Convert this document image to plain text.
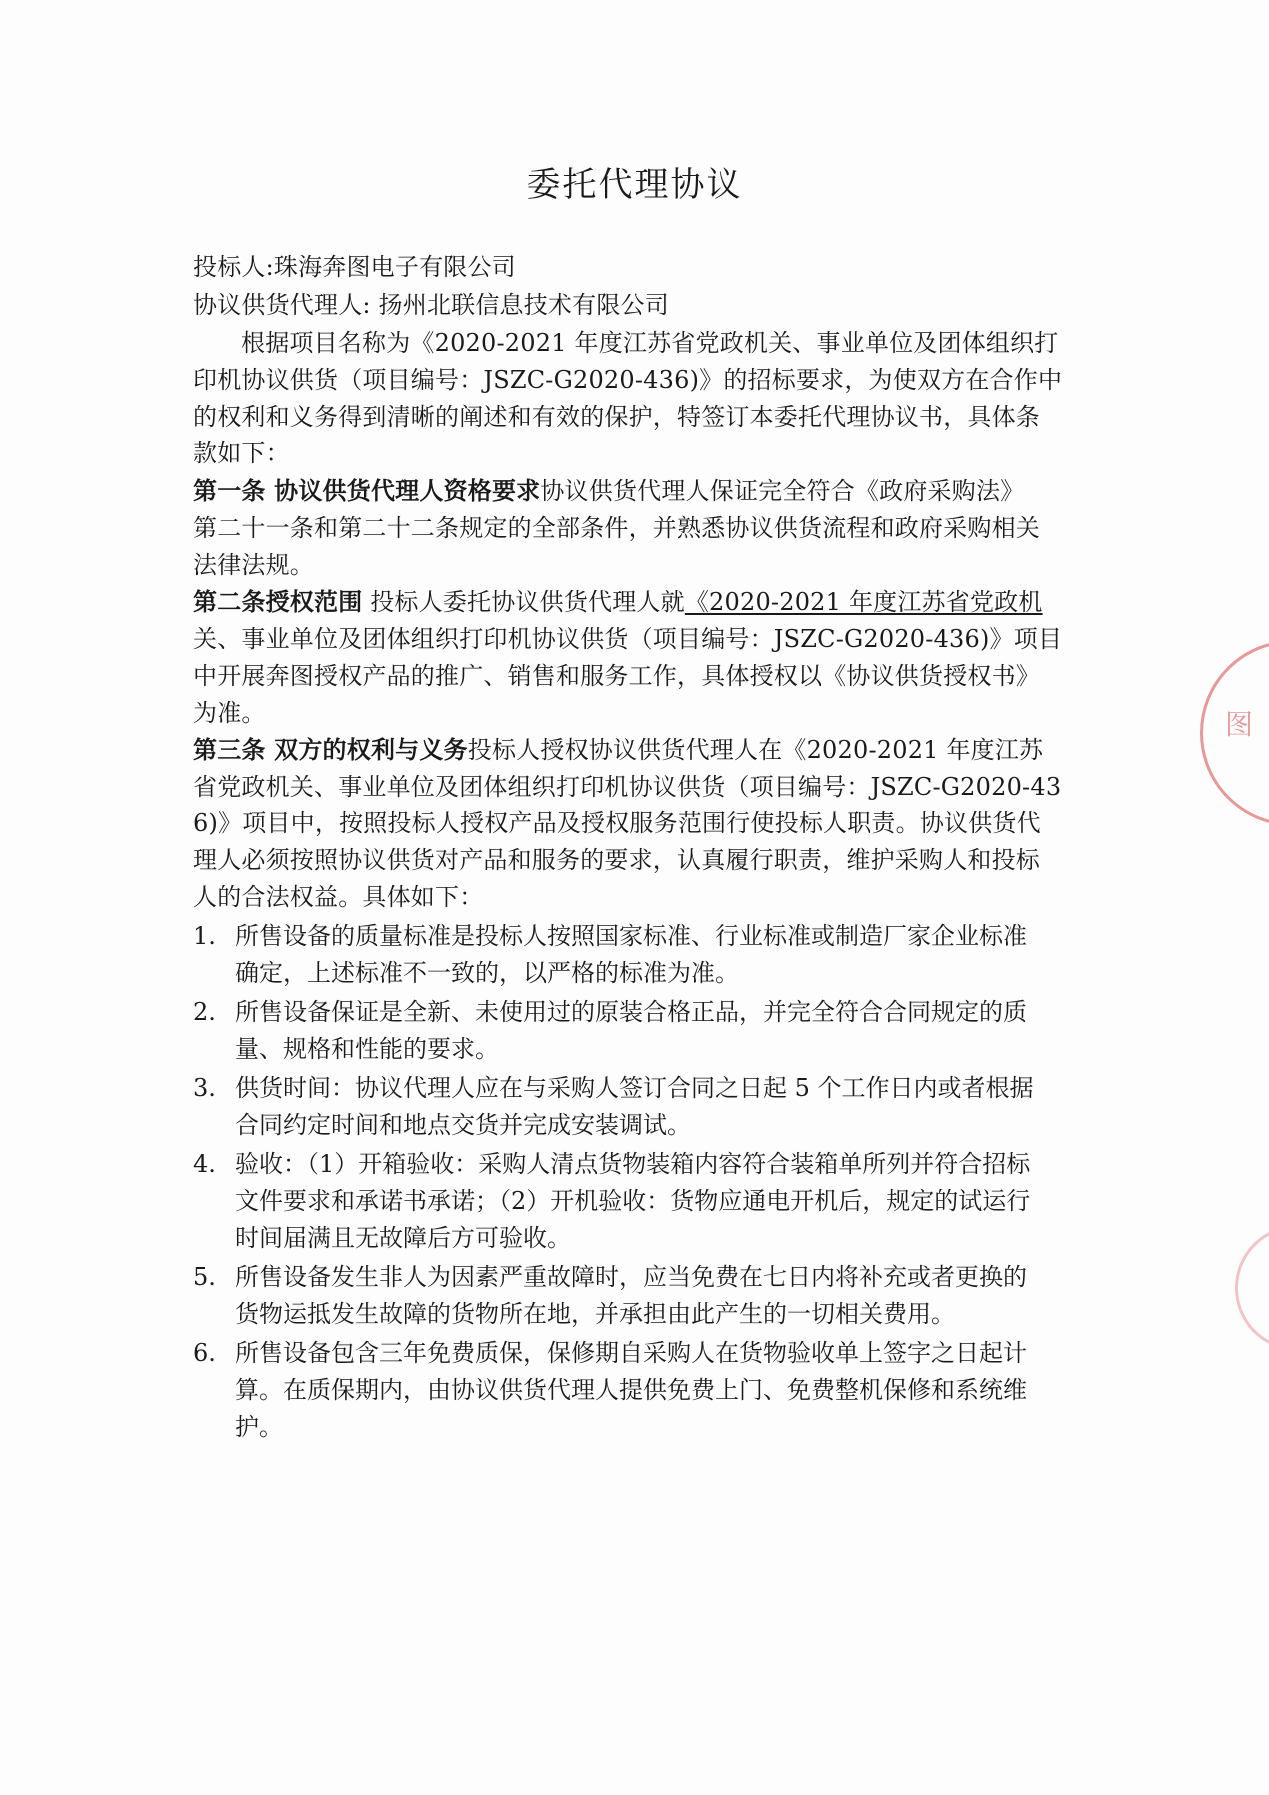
委托代理协议
投标人:珠海奔图电子有限公司
协议供货代理人: 扬州北联信息技术有限公司
根据项目名称为《2020-2021 年度江苏省党政机关、事业单位及团体组织打
印机协议供货（项目编号：JSZC-G2020-436)》的招标要求，为使双方在合作中
的权利和义务得到清晰的阐述和有效的保护，特签订本委托代理协议书，具体条
款如下：
第一条 协议供货代理人资格要求协议供货代理人保证完全符合《政府采购法》
第二十一条和第二十二条规定的全部条件，并熟悉协议供货流程和政府采购相关
法律法规。
第二条授权范围 投标人委托协议供货代理人就《2020-2021 年度江苏省党政机
关、事业单位及团体组织打印机协议供货（项目编号：JSZC-G2020-436)》项目
中开展奔图授权产品的推广、销售和服务工作，具体授权以《协议供货授权书》
为准。
第三条 双方的权利与义务投标人授权协议供货代理人在《2020-2021 年度江苏
省党政机关、事业单位及团体组织打印机协议供货（项目编号：JSZC-G2020-43
6)》项目中，按照投标人授权产品及授权服务范围行使投标人职责。协议供货代
理人必须按照协议供货对产品和服务的要求，认真履行职责，维护采购人和投标
人的合法权益。具体如下：
1. 所售设备的质量标准是投标人按照国家标准、行业标准或制造厂家企业标准
确定，上述标准不一致的，以严格的标准为准。
2. 所售设备保证是全新、未使用过的原装合格正品，并完全符合合同规定的质
量、规格和性能的要求。
3. 供货时间：协议代理人应在与采购人签订合同之日起 5 个工作日内或者根据
合同约定时间和地点交货并完成安装调试。
4. 验收：（1）开箱验收：采购人清点货物装箱内容符合装箱单所列并符合招标
文件要求和承诺书承诺；（2）开机验收：货物应通电开机后，规定的试运行
时间届满且无故障后方可验收。
5. 所售设备发生非人为因素严重故障时，应当免费在七日内将补充或者更换的
货物运抵发生故障的货物所在地，并承担由此产生的一切相关费用。
6. 所售设备包含三年免费质保，保修期自采购人在货物验收单上签字之日起计
算。在质保期内，由协议供货代理人提供免费上门、免费整机保修和系统维
护。
图
